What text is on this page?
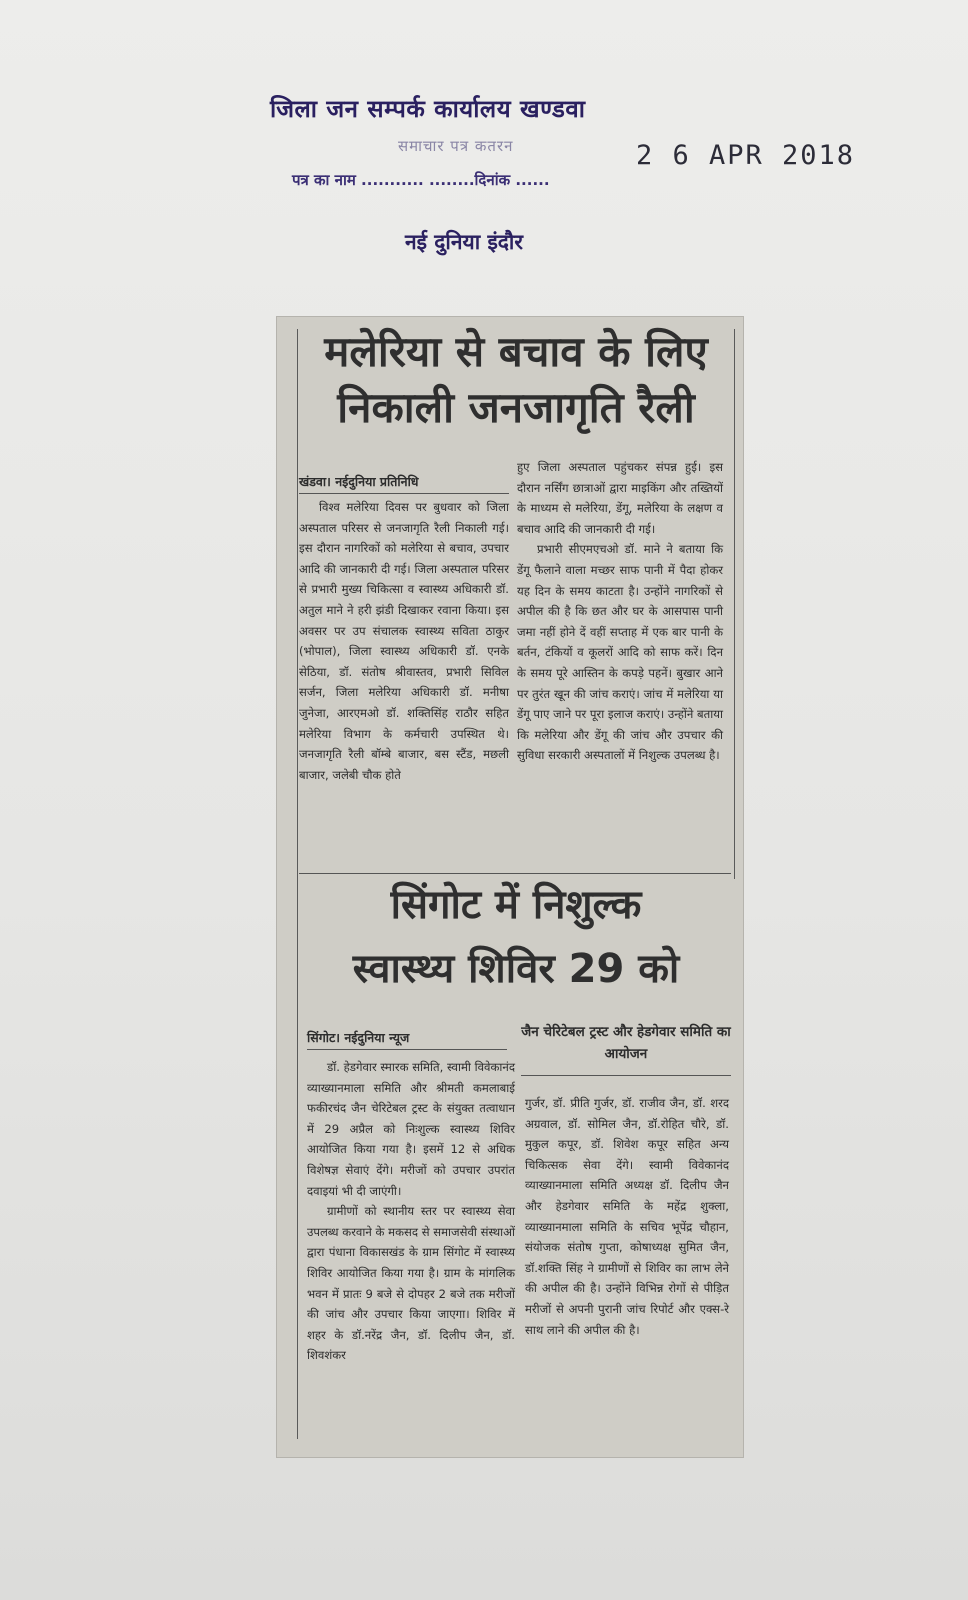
जिला जन सम्पर्क कार्यालय खण्डवा
समाचार पत्र कतरन	2 6 APR 2018
पत्र का नाम ........... ........दिनांक ......
नई दुनिया इंदौर
मलेरिया से बचाव के लिए
निकाली जनजागृति रैली
खंडवा। नईदुनिया प्रतिनिधि

विश्व मलेरिया दिवस पर बुधवार को जिला अस्पताल परिसर से जनजागृति रैली निकाली गई। इस दौरान नागरिकों को मलेरिया से बचाव, उपचार आदि की जानकारी दी गई। जिला अस्पताल परिसर से प्रभारी मुख्य चिकित्सा व स्वास्थ्य अधिकारी डॉ. अतुल माने ने हरी झंडी दिखाकर रवाना किया। इस अवसर पर उप संचालक स्वास्थ्य सविता ठाकुर (भोपाल), जिला स्वास्थ्य अधिकारी डॉ. एनके सेठिया, डॉ. संतोष श्रीवास्तव, प्रभारी सिविल सर्जन, जिला मलेरिया अधिकारी डॉ. मनीषा जुनेजा, आरएमओ डॉ. शक्तिसिंह राठौर सहित मलेरिया विभाग के कर्मचारी उपस्थित थे। जनजागृति रैली बॉम्बे बाजार, बस स्टैंड, मछली बाजार, जलेबी चौक होते

हुए जिला अस्पताल पहुंचकर संपन्न हुई। इस दौरान नर्सिंग छात्राओं द्वारा माइकिंग और तख्तियों के माध्यम से मलेरिया, डेंगू, मलेरिया के लक्षण व बचाव आदि की जानकारी दी गई।

प्रभारी सीएमएचओ डॉ. माने ने बताया कि डेंगू फैलाने वाला मच्छर साफ पानी में पैदा होकर यह दिन के समय काटता है। उन्होंने नागरिकों से अपील की है कि छत और घर के आसपास पानी जमा नहीं होने दें वहीं सप्ताह में एक बार पानी के बर्तन, टंकियों व कूलरों आदि को साफ करें। दिन के समय पूरे आस्तिन के कपड़े पहनें। बुखार आने पर तुरंत खून की जांच कराएं। जांच में मलेरिया या डेंगू पाए जाने पर पूरा इलाज कराएं। उन्होंने बताया कि मलेरिया और डेंगू की जांच और उपचार की सुविधा सरकारी अस्पतालों में निशुल्क उपलब्ध है।

सिंगोट में निशुल्क
स्वास्थ्य शिविर 29 को
सिंगोट। नईदुनिया न्यूज	जैन चेरिटेबल ट्रस्ट और हेडगेवार समिति का आयोजन

डॉ. हेडगेवार स्मारक समिति, स्वामी विवेकानंद व्याख्यानमाला समिति और श्रीमती कमलाबाई फकीरचंद जैन चेरिटेबल ट्रस्ट के संयुक्त तत्वाधान में 29 अप्रैल को निःशुल्क स्वास्थ्य शिविर आयोजित किया गया है। इसमें 12 से अधिक विशेषज्ञ सेवाएं देंगे। मरीजों को उपचार उपरांत दवाइयां भी दी जाएंगी।

ग्रामीणों को स्थानीय स्तर पर स्वास्थ्य सेवा उपलब्ध करवाने के मकसद से समाजसेवी संस्थाओं द्वारा पंधाना विकासखंड के ग्राम सिंगोट में स्वास्थ्य शिविर आयोजित किया गया है। ग्राम के मांगलिक भवन में प्रातः 9 बजे से दोपहर 2 बजे तक मरीजों की जांच और उपचार किया जाएगा। शिविर में शहर के डॉ.नरेंद्र जैन, डॉ. दिलीप जैन, डॉ. शिवशंकर

गुर्जर, डॉ. प्रीति गुर्जर, डॉ. राजीव जैन, डॉ. शरद अग्रवाल, डॉ. सोमिल जैन, डॉ.रोहित चौरे, डॉ. मुकुल कपूर, डॉ. शिवेश कपूर सहित अन्य चिकित्सक सेवा देंगे। स्वामी विवेकानंद व्याख्यानमाला समिति अध्यक्ष डॉ. दिलीप जैन और हेडगेवार समिति के महेंद्र शुक्ला, व्याख्यानमाला समिति के सचिव भूपेंद्र चौहान, संयोजक संतोष गुप्ता, कोषाध्यक्ष सुमित जैन, डॉ.शक्ति सिंह ने ग्रामीणों से शिविर का लाभ लेने की अपील की है। उन्होंने विभिन्न रोगों से पीड़ित मरीजों से अपनी पुरानी जांच रिपोर्ट और एक्स-रे साथ लाने की अपील की है।
